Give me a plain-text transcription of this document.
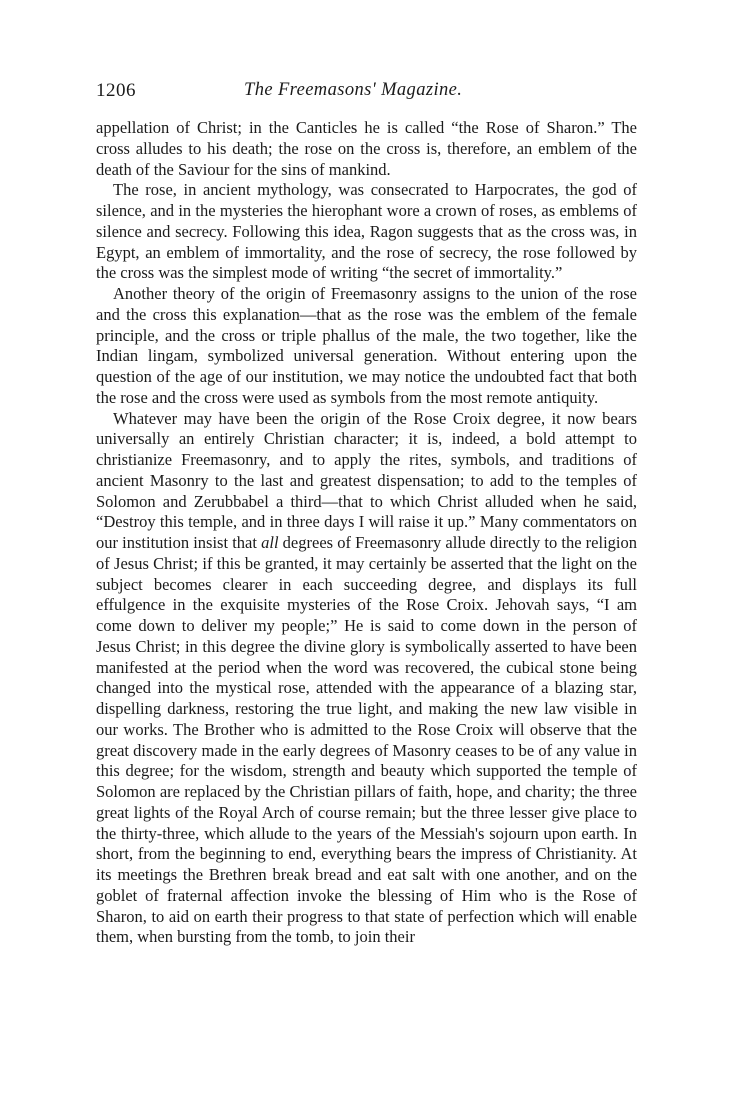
1206	The Freemasons' Magazine.

appellation of Christ; in the Canticles he is called “the Rose of Sharon.” The cross alludes to his death; the rose on the cross is, therefore, an emblem of the death of the Saviour for the sins of mankind.

The rose, in ancient mythology, was consecrated to Harpocrates, the god of silence, and in the mysteries the hierophant wore a crown of roses, as emblems of silence and secrecy. Following this idea, Ragon suggests that as the cross was, in Egypt, an emblem of immortality, and the rose of secrecy, the rose followed by the cross was the simplest mode of writing “the secret of immortality.”

Another theory of the origin of Freemasonry assigns to the union of the rose and the cross this explanation—that as the rose was the emblem of the female principle, and the cross or triple phallus of the male, the two together, like the Indian lingam, symbolized universal generation. Without entering upon the question of the age of our institution, we may notice the undoubted fact that both the rose and the cross were used as symbols from the most remote antiquity.

Whatever may have been the origin of the Rose Croix degree, it now bears universally an entirely Christian character; it is, indeed, a bold attempt to christianize Freemasonry, and to apply the rites, symbols, and traditions of ancient Masonry to the last and greatest dispensation; to add to the temples of Solomon and Zerubbabel a third—that to which Christ alluded when he said, “Destroy this temple, and in three days I will raise it up.” Many commentators on our institution insist that all degrees of Freemasonry allude directly to the religion of Jesus Christ; if this be granted, it may certainly be asserted that the light on the subject becomes clearer in each succeeding degree, and displays its full effulgence in the exquisite mysteries of the Rose Croix. Jehovah says, “I am come down to deliver my people;” He is said to come down in the person of Jesus Christ; in this degree the divine glory is symbolically asserted to have been manifested at the period when the word was recovered, the cubical stone being changed into the mystical rose, attended with the appearance of a blazing star, dispelling darkness, restoring the true light, and making the new law visible in our works. The Brother who is admitted to the Rose Croix will observe that the great discovery made in the early degrees of Masonry ceases to be of any value in this degree; for the wisdom, strength and beauty which supported the temple of Solomon are replaced by the Christian pillars of faith, hope, and charity; the three great lights of the Royal Arch of course remain; but the three lesser give place to the thirty-three, which allude to the years of the Messiah's sojourn upon earth. In short, from the beginning to end, everything bears the impress of Christianity. At its meetings the Brethren break bread and eat salt with one another, and on the goblet of fraternal affection invoke the blessing of Him who is the Rose of Sharon, to aid on earth their progress to that state of perfection which will enable them, when bursting from the tomb, to join their
